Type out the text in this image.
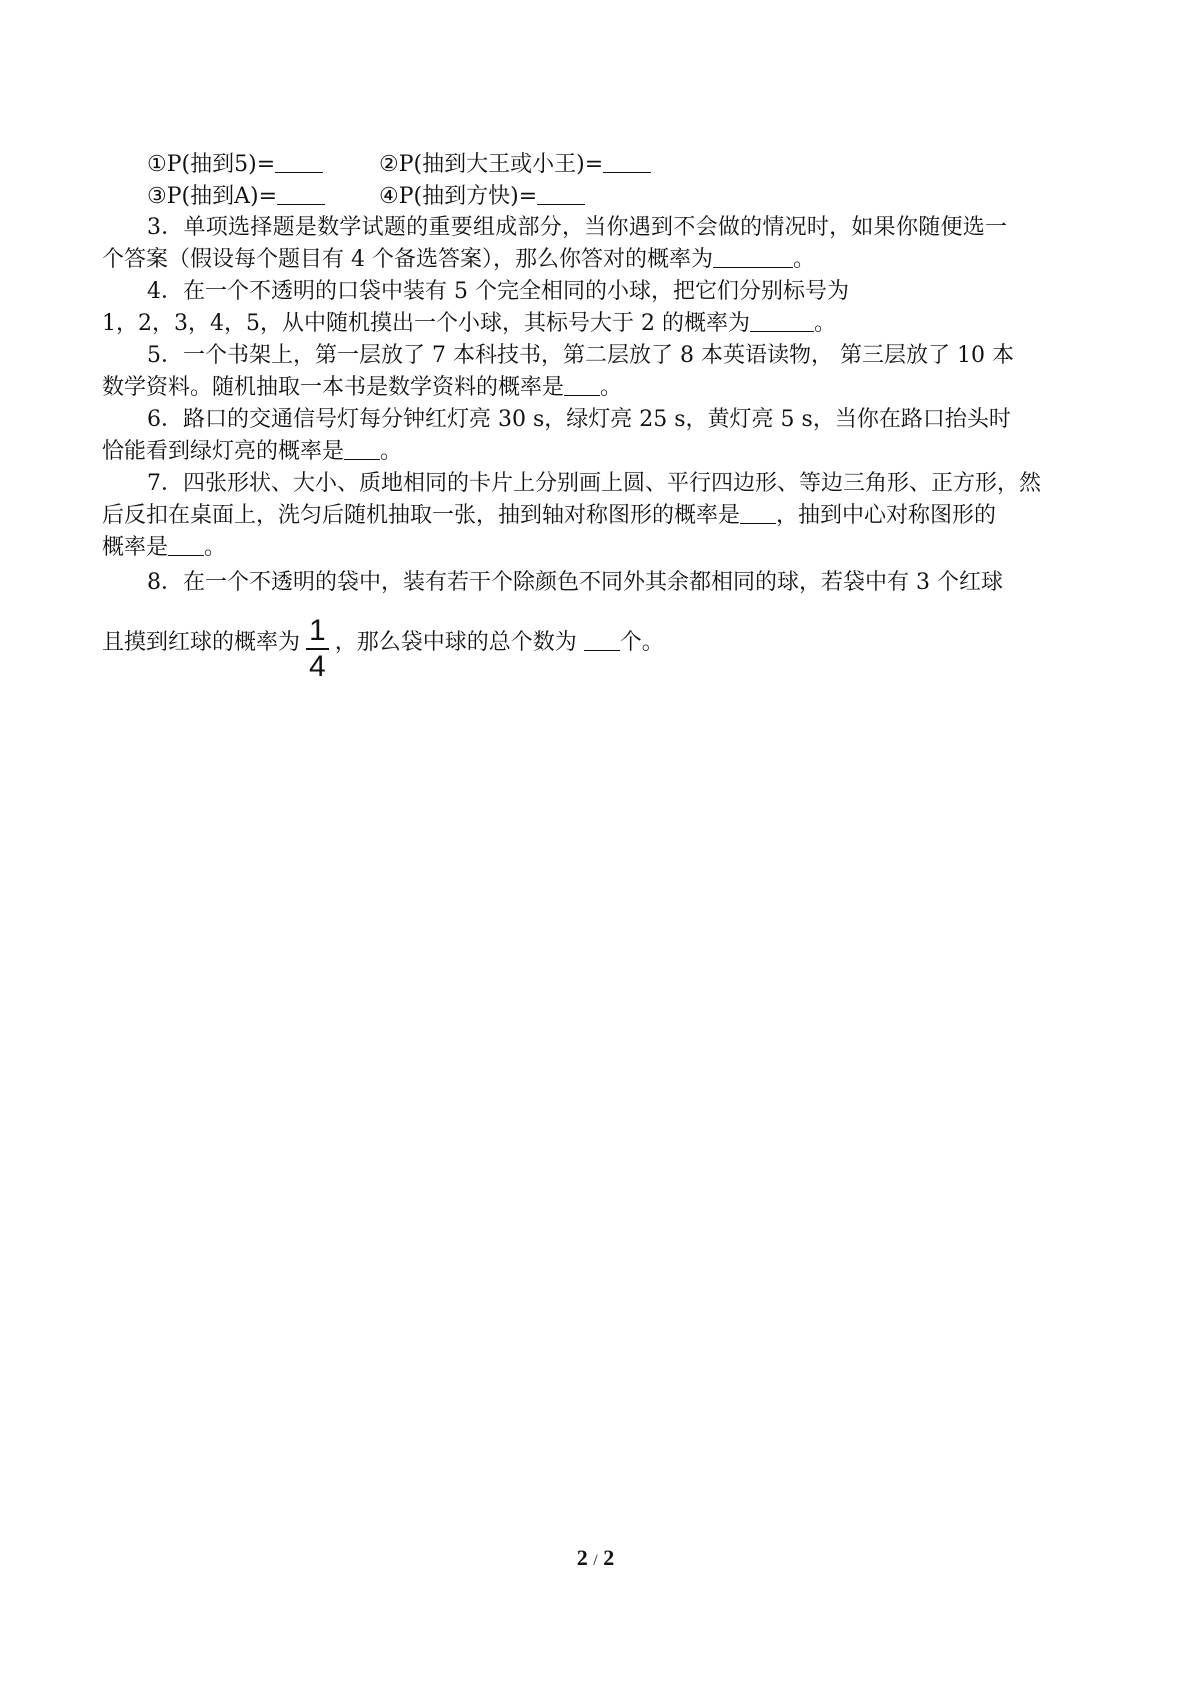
①P(抽到5)=	②P(抽到大王或小王)=
③P(抽到A)=	④P(抽到方快)=
3．单项选择题是数学试题的重要组成部分，当你遇到不会做的情况时，如果你随便选一
个答案（假设每个题目有 4 个备选答案），那么你答对的概率为	。
4．在一个不透明的口袋中装有 5 个完全相同的小球，把它们分别标号为
1，2，3，4，5，从中随机摸出一个小球，其标号大于 2 的概率为	。
5．一个书架上，第一层放了 7 本科技书，第二层放了 8 本英语读物， 第三层放了 10 本
数学资料。随机抽取一本书是数学资料的概率是 。
6．路口的交通信号灯每分钟红灯亮 30 s，绿灯亮 25 s，黄灯亮 5 s，当你在路口抬头时
恰能看到绿灯亮的概率是 。
7．四张形状、大小、质地相同的卡片上分别画上圆、平行四边形、等边三角形、正方形，然
后反扣在桌面上，洗匀后随机抽取一张，抽到轴对称图形的概率是 ，抽到中心对称图形的
概率是 。
8．在一个不透明的袋中，装有若干个除颜色不同外其余都相同的球，若袋中有 3 个红球
且摸到红球的概率为 $\frac{1}{4}$ ，那么袋中球的总个数为 个。
2 / 2
